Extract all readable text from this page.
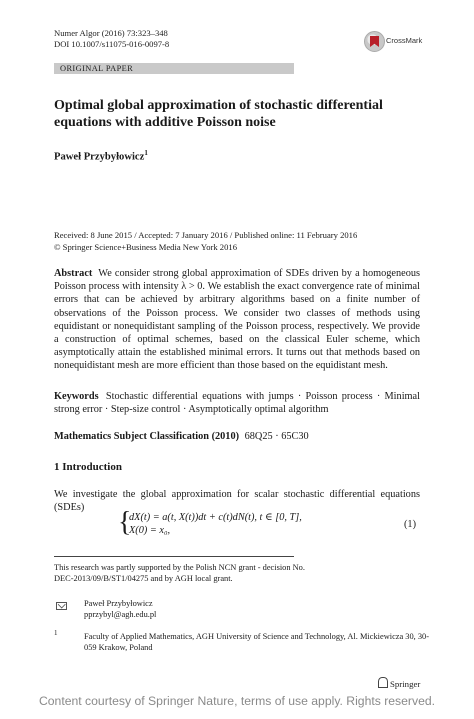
Numer Algor (2016) 73:323–348
DOI 10.1007/s11075-016-0097-8	CrossMark
ORIGINAL PAPER
Optimal global approximation of stochastic differential equations with additive Poisson noise
Paweł Przybyłowicz$^1$
Received: 8 June 2015 / Accepted: 7 January 2016 / Published online: 11 February 2016
© Springer Science+Business Media New York 2016
Abstract We consider strong global approximation of SDEs driven by a homogeneous Poisson process with intensity λ > 0. We establish the exact convergence rate of minimal errors that can be achieved by arbitrary algorithms based on a finite number of observations of the Poisson process. We consider two classes of methods using equidistant or nonequidistant sampling of the Poisson process, respectively. We provide a construction of optimal schemes, based on the classical Euler scheme, which asymptotically attain the established minimal errors. It turns out that methods based on nonequidistant mesh are more efficient than those based on the equidistant mesh.
Keywords Stochastic differential equations with jumps · Poisson process · Minimal strong error · Step-size control · Asymptotically optimal algorithm
Mathematics Subject Classification (2010) 68Q25 · 65C30
1 Introduction
We investigate the global approximation for scalar stochastic differential equations (SDEs)	{
dX(t) = a(t, X(t))dt + c(t)dN(t), t ∈ [0, T],
X(0) = x₀,
(1)
This research was partly supported by the Polish NCN grant - decision No. DEC-2013/09/B/ST1/04275 and by AGH local grant.
Paweł Przybyłowicz
pprzybyl@agh.edu.pl
1	Faculty of Applied Mathematics, AGH University of Science and Technology, Al. Mickiewicza 30, 30-059 Krakow, Poland
Springer
Content courtesy of Springer Nature, terms of use apply. Rights reserved.
